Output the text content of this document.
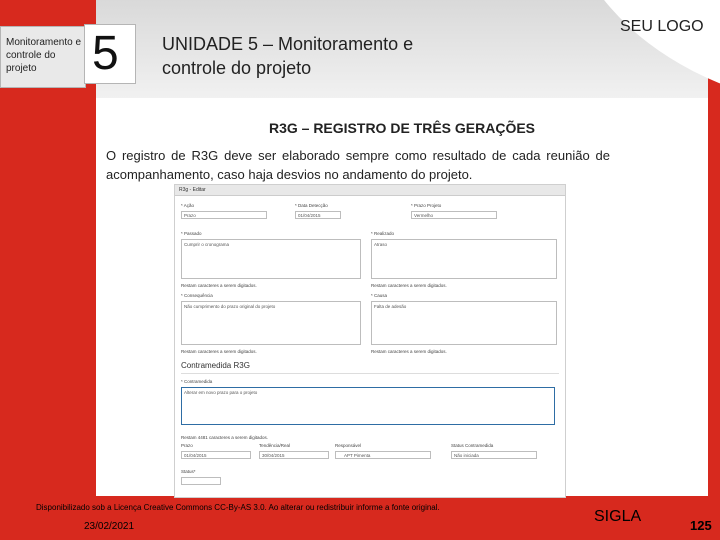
Monitoramento e controle do projeto	5 UNIDADE 5 – Monitoramento e
controle do projeto
SEU LOGO
R3G – REGISTRO DE TRÊS GERAÇÕES
O registro de R3G deve ser elaborado sempre como resultado de cada reunião de acompanhamento, caso haja desvios no andamento do projeto.
R3g - Editar
* Ação
Prazo
* Data Detecção
01/04/2015
* Prazo Projeto
Vermelho
* Passado
Cumprir o cronograma
* Realizado
Atraso
Restam caracteres a serem digitados.	Restam caracteres a serem digitados.
* Consequência
Não cumprimento do prazo original do projeto
* Causa
Falta de adesão
Restam caracteres a serem digitados.	Restam caracteres a serem digitados.
Contramedida R3G
* Contramedida
Alterar em novo prazo para o projeto
Restam 4481 caracteres a serem digitados.
Prazo
01/04/2015
Tendência/Real
30/04/2015
Responsável
APT Pimenta
Status Contramedida
Não iniciada
Status*
Disponibilizado sob a Licença Creative Commons CC-By-AS 3.0. Ao alterar ou redistribuir informe a fonte original.
23/02/2021
SIGLA
125
